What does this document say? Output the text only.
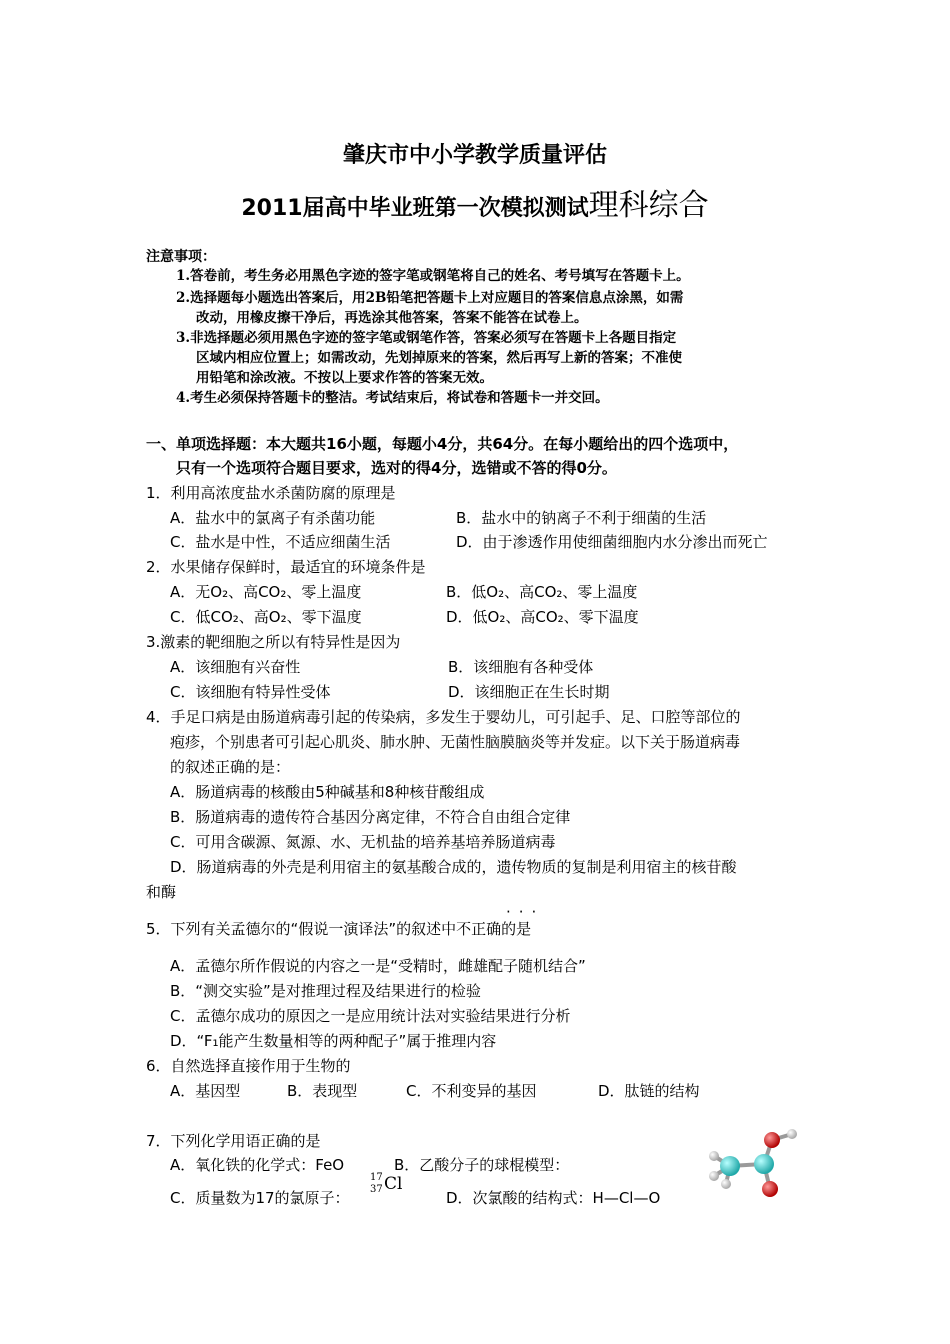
肇庆市中小学教学质量评估
2011届高中毕业班第一次模拟测试理科综合
注意事项：
1.答卷前，考生务必用黑色字迹的签字笔或钢笔将自己的姓名、考号填写在答题卡上。
2.选择题每小题选出答案后，用2B铅笔把答题卡上对应题目的答案信息点涂黑，如需
改动，用橡皮擦干净后，再选涂其他答案，答案不能答在试卷上。
3.非选择题必须用黑色字迹的签字笔或钢笔作答，答案必须写在答题卡上各题目指定
区域内相应位置上；如需改动，先划掉原来的答案，然后再写上新的答案；不准使
用铅笔和涂改液。不按以上要求作答的答案无效。
4.考生必须保持答题卡的整洁。考试结束后，将试卷和答题卡一并交回。
一、单项选择题：本大题共16小题，每题小4分，共64分。在每小题给出的四个选项中，
只有一个选项符合题目要求，选对的得4分，选错或不答的得0分。
1．利用高浓度盐水杀菌防腐的原理是
A．盐水中的氯离子有杀菌功能	B．盐水中的钠离子不利于细菌的生活
C．盐水是中性，不适应细菌生活	D．由于渗透作用使细菌细胞内水分渗出而死亡
2．水果储存保鲜时，最适宜的环境条件是
A．无O₂、高CO₂、零上温度	B．低O₂、高CO₂、零上温度
C．低CO₂、高O₂、零下温度	D．低O₂、高CO₂、零下温度
3.激素的靶细胞之所以有特异性是因为
A．该细胞有兴奋性	B．该细胞有各种受体
C．该细胞有特异性受体	D．该细胞正在生长时期
4．手足口病是由肠道病毒引起的传染病，多发生于婴幼儿，可引起手、足、口腔等部位的
疱疹，个别患者可引起心肌炎、肺水肿、无菌性脑膜脑炎等并发症。以下关于肠道病毒
的叙述正确的是：
A．肠道病毒的核酸由5种碱基和8种核苷酸组成
B．肠道病毒的遗传符合基因分离定律，不符合自由组合定律
C．可用含碳源、氮源、水、无机盐的培养基培养肠道病毒
D．肠道病毒的外壳是利用宿主的氨基酸合成的，遗传物质的复制是利用宿主的核苷酸
和酶
···
5．下列有关孟德尔的“假说一演译法”的叙述中不正确的是
A．孟德尔所作假说的内容之一是“受精时，雌雄配子随机结合”
B．“测交实验”是对推理过程及结果进行的检验
C．孟德尔成功的原因之一是应用统计法对实验结果进行分析
D．“F₁能产生数量相等的两种配子”属于推理内容
6．自然选择直接作用于生物的
A．基因型	B．表现型	C．不利变异的基因	D．肽链的结构
7．下列化学用语正确的是
A．氧化铁的化学式：FeO	B．乙酸分子的球棍模型：
C．质量数为17的氯原子：
17
37 Cl
D．次氯酸的结构式：H—Cl—O
